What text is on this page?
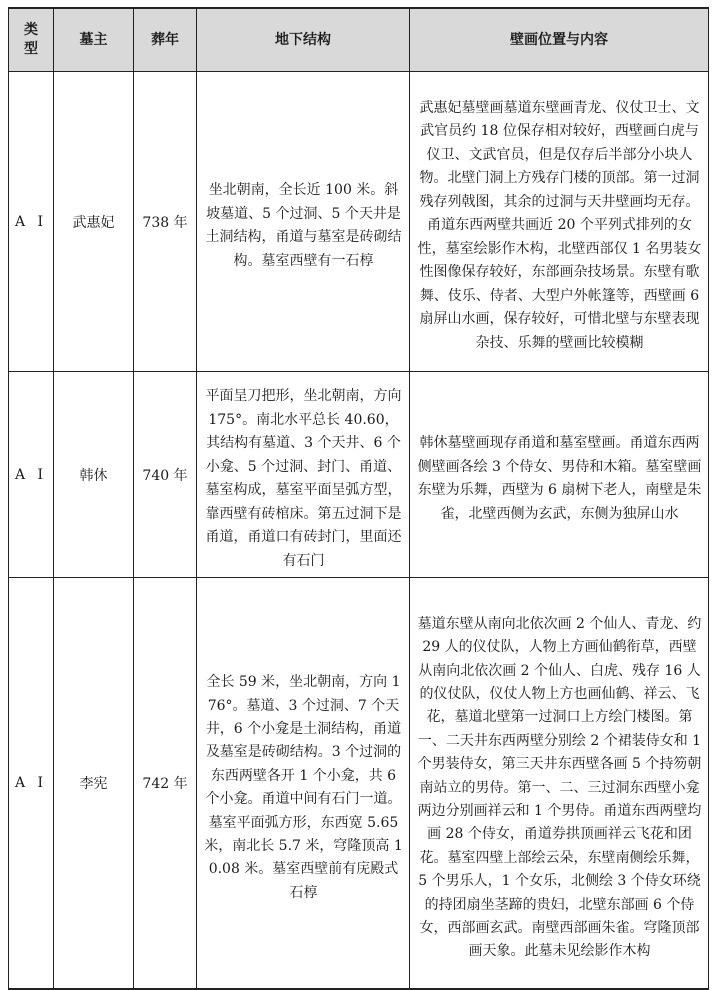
类型	墓主	葬年	地下结构	壁画位置与内容
A Ⅰ	武惠妃	738 年	坐北朝南，全长近 100 米。斜坡墓道、5 个过洞、5 个天井是土洞结构，甬道与墓室是砖砌结构。墓室西壁有一石椁	武惠妃墓壁画墓道东壁画青龙、仪仗卫士、文武官员约 18 位保存相对较好，西壁画白虎与仪卫、文武官员，但是仅存后半部分小块人物。北壁门洞上方残存门楼的顶部。第一过洞残存列戟图，其余的过洞与天井壁画均无存。甬道东西两壁共画近 20 个平列式排列的女性，墓室绘影作木构，北壁西部仅 1 名男装女性图像保存较好，东部画杂技场景。东壁有歌舞、伎乐、侍者、大型户外帐篷等，西壁画 6 扇屏山水画，保存较好，可惜北壁与东壁表现杂技、乐舞的壁画比较模糊
A Ⅰ	韩休	740 年	平面呈刀把形，坐北朝南，方向 175°。南北水平总长 40.60，其结构有墓道、3 个天井、6 个小龛、5 个过洞、封门、甬道、墓室构成，墓室平面呈弧方型，靠西壁有砖棺床。第五过洞下是甬道，甬道口有砖封门，里面还有石门	韩休墓壁画现存甬道和墓室壁画。甬道东西两侧壁画各绘 3 个侍女、男侍和木箱。墓室壁画东壁为乐舞，西壁为 6 扇树下老人，南壁是朱雀，北壁西侧为玄武，东侧为独屏山水
A Ⅰ	李宪	742 年	全长 59 米，坐北朝南，方向 176°。墓道、3 个过洞、7 个天井，6 个小龛是土洞结构，甬道及墓室是砖砌结构。3 个过洞的东西两壁各开 1 个小龛，共 6 个小龛。甬道中间有石门一道。墓室平面弧方形，东西宽 5.65 米，南北长 5.7 米，穹隆顶高 10.08 米。墓室西壁前有庑殿式石椁	墓道东壁从南向北依次画 2 个仙人、青龙、约 29 人的仪仗队，人物上方画仙鹤衔草，西壁从南向北依次画 2 个仙人、白虎、残存 16 人的仪仗队，仪仗人物上方也画仙鹤、祥云、飞花，墓道北壁第一过洞口上方绘门楼图。第一、二天井东西两壁分别绘 2 个裙装侍女和 1 个男装侍女，第三天井东西壁各画 5 个持笏朝南站立的男侍。第一、二、三过洞东西壁小龛两边分别画祥云和 1 个男侍。甬道东西两壁均画 28 个侍女，甬道券拱顶画祥云飞花和团花。墓室四壁上部绘云朵，东壁南侧绘乐舞，5 个男乐人，1 个女乐，北侧绘 3 个侍女环绕的持团扇坐茎蹄的贵妇，北壁东部画 6 个侍女，西部画玄武。南壁西部画朱雀。穹隆顶部画天象。此墓未见绘影作木构
